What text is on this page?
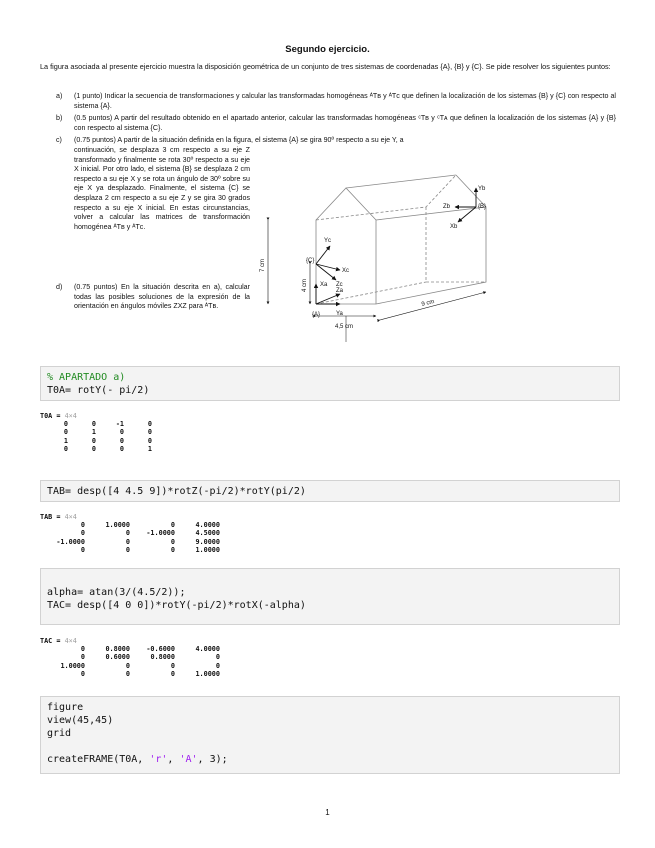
Segundo ejercicio.
La figura asociada al presente ejercicio muestra la disposición geométrica de un conjunto de tres sistemas de coordenadas {A}, {B} y {C}. Se pide resolver los siguientes puntos:
a) (1 punto) Indicar la secuencia de transformaciones y calcular las transformadas homogéneas ᴬTʙ y ᴬTᴄ que definen la localización de los sistemas {B} y {C} con respecto al sistema {A}.

b) (0.5 puntos) A partir del resultado obtenido en el apartado anterior, calcular las transformadas homogéneas ᶜTʙ y ᶜTᴀ que definen la localización de los sistemas {A} y {B} con respecto al sistema {C}.

c) (0.75 puntos) A partir de la situación definida en la figura, el sistema {A} se gira 90º respecto a su eje Y, a

continuación, se desplaza 3 cm respecto a su eje Z transformado y finalmente se rota 30º respecto a su eje X inicial. Por otro lado, el sistema {B} se desplaza 2 cm respecto a su eje X y se rota un ángulo de 30º sobre su eje X ya desplazado. Finalmente, el sistema {C} se desplaza 2 cm respecto a su eje Z y se gira 30 grados respecto a su eje X inicial. En estas circunstancias, volver a calcular las matrices de transformación homogénea ᴬTʙ y ᴬTᴄ.

d) (0.75 puntos) En la situación descrita en a), calcular todas las posibles soluciones de la expresión de la orientación en ángulos móviles ZXZ para ᴬTʙ.

{C}
Yc
Xc
Zc
{B}
Yb
Zb
Xb
{A}
Xa
Za
Ya
7 cm
4 cm
9 cm
4,5 cm
% APARTADO a)
T0A= rotY(- pi/2)
T0A = 4×4
0	0	-1	0
0	1	0	0
1	0	0	0
0	0	0	1
TAB= desp([4 4.5 9])*rotZ(-pi/2)*rotY(pi/2)
TAB = 4×4
0	1.0000	0	4.0000
0	0	-1.0000	4.5000
-1.0000	0	0	9.0000
0	0	0	1.0000
alpha= atan(3/(4.5/2));
TAC= desp([4 0 0])*rotY(-pi/2)*rotX(-alpha)
TAC = 4×4
0	0.8000	-0.6000	4.0000
0	0.6000	0.8000	0
1.0000	0	0	0
0	0	0	1.0000
figure
view(45,45)
grid
createFRAME(T0A, 'r', 'A', 3);
1
